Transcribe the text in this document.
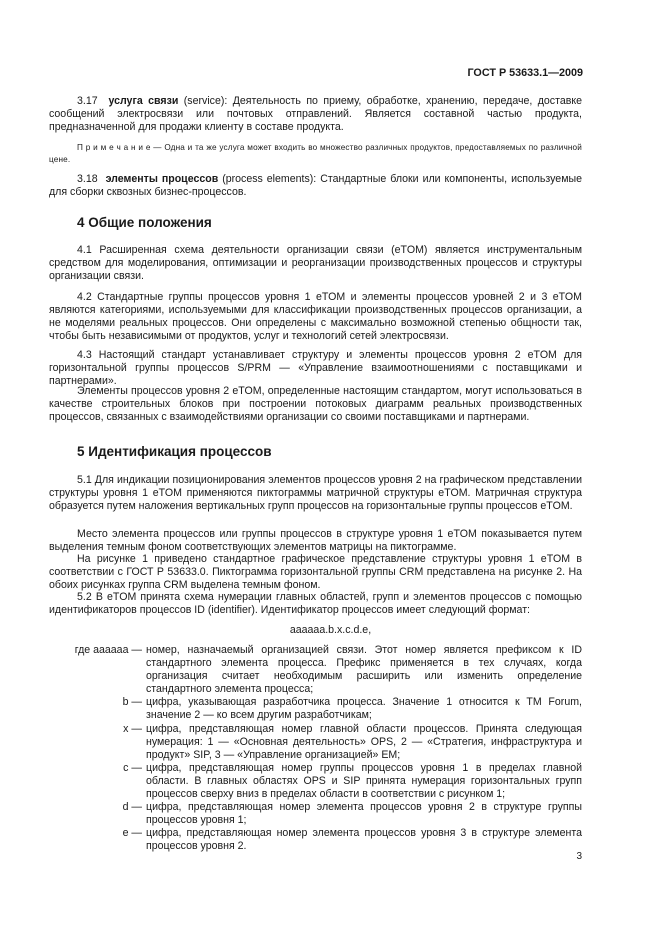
ГОСТ Р 53633.1—2009

3.17 услуга связи (service): Деятельность по приему, обработке, хранению, передаче, доставке сообщений электросвязи или почтовых отправлений. Является составной частью продукта, предназначенной для продажи клиенту в составе продукта.

П р и м е ч а н и е — Одна и та же услуга может входить во множество различных продуктов, предоставляемых по различной цене.

3.18 элементы процессов (process elements): Стандартные блоки или компоненты, используемые для сборки сквозных бизнес-процессов.

4 Общие положения

4.1 Расширенная схема деятельности организации связи (eTOM) является инструментальным средством для моделирования, оптимизации и реорганизации производственных процессов и структуры организации связи.

4.2 Стандартные группы процессов уровня 1 eTOM и элементы процессов уровней 2 и 3 eTOM являются категориями, используемыми для классификации производственных процессов организации, а не моделями реальных процессов. Они определены с максимально возможной степенью общности так, чтобы быть независимыми от продуктов, услуг и технологий сетей электросвязи.

4.3 Настоящий стандарт устанавливает структуру и элементы процессов уровня 2 eTOM для горизонтальной группы процессов S/PRM — «Управление взаимоотношениями с поставщиками и партнерами».

Элементы процессов уровня 2 eTOM, определенные настоящим стандартом, могут использоваться в качестве строительных блоков при построении потоковых диаграмм реальных производственных процессов, связанных с взаимодействиями организации со своими поставщиками и партнерами.

5 Идентификация процессов

5.1 Для индикации позиционирования элементов процессов уровня 2 на графическом представлении структуры уровня 1 eTOM применяются пиктограммы матричной структуры eTOM. Матричная структура образуется путем наложения вертикальных групп процессов на горизонтальные группы процессов eTOM.

Место элемента процессов или группы процессов в структуре уровня 1 eTOM показывается путем выделения темным фоном соответствующих элементов матрицы на пиктограмме.

На рисунке 1 приведено стандартное графическое представление структуры уровня 1 eTOM в соответствии с ГОСТ Р 53633.0. Пиктограмма горизонтальной группы CRM представлена на рисунке 2. На обоих рисунках группа CRM выделена темным фоном.

5.2 В eTOM принята схема нумерации главных областей, групп и элементов процессов с помощью идентификаторов процессов ID (identifier). Идентификатор процессов имеет следующий формат:

aaaaaa.b.x.c.d.e,
где aaaaaa — номер, назначаемый организацией связи. Этот номер является префиксом к ID стандартного элемента процесса. Префикс применяется в тех случаях, когда организация считает необходимым расширить или изменить определение стандартного элемента процесса;
b — цифра, указывающая разработчика процесса. Значение 1 относится к TM Forum, значение 2 — ко всем другим разработчикам;
x — цифра, представляющая номер главной области процессов. Принята следующая нумерация: 1 — «Основная деятельность» OPS, 2 — «Стратегия, инфраструктура и продукт» SIP, 3 — «Управление организацией» EM;
c — цифра, представляющая номер группы процессов уровня 1 в пределах главной области. В главных областях OPS и SIP принята нумерация горизонтальных групп процессов сверху вниз в пределах области в соответствии с рисунком 1;
d — цифра, представляющая номер элемента процессов уровня 2 в структуре группы процессов уровня 1;
e — цифра, представляющая номер элемента процессов уровня 3 в структуре элемента процессов уровня 2.
3
